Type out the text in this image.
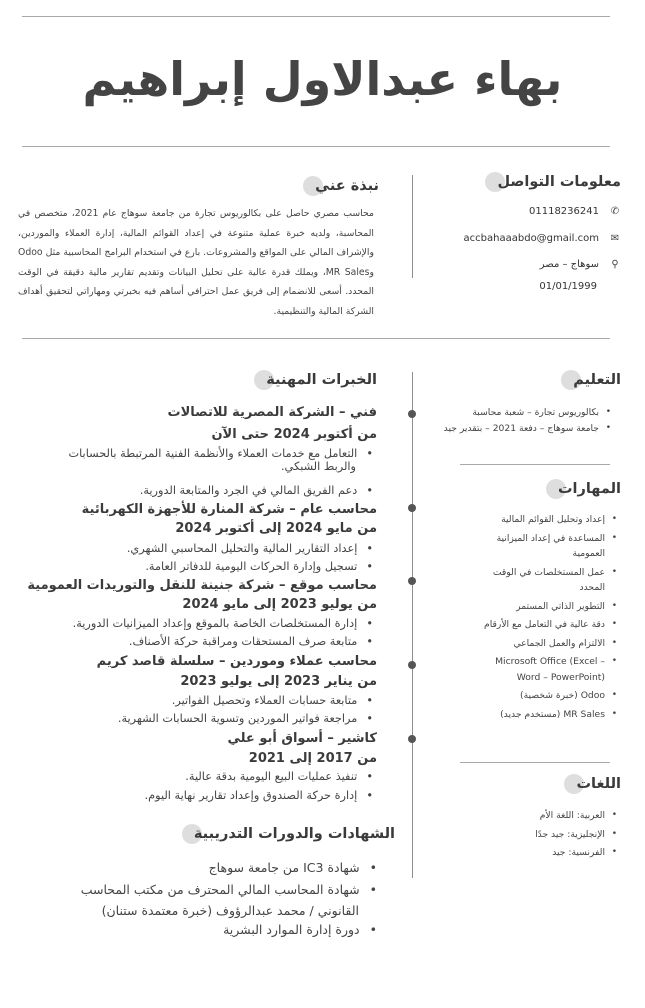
بهاء عبدالاول إبراهيم
معلومات التواصل
✆
01118236241
✉
accbahaaabdo@gmail.com
⚲
سوهاج – مصر
01/01/1999
نبذة عني
محاسب مصري حاصل على بكالوريوس تجارة من جامعة سوهاج عام 2021، متخصص في المحاسبة، ولديه خبرة عملية متنوعة في إعداد القوائم المالية، إدارة العملاء والموردين، والإشراف المالي على المواقع والمشروعات. بارع في استخدام البرامج المحاسبية مثل Odoo وMR Sales، ويملك قدرة عالية على تحليل البيانات وتقديم تقارير مالية دقيقة في الوقت المحدد. أسعى للانضمام إلى فريق عمل احترافي أساهم فيه بخبرتي ومهاراتي لتحقيق أهداف الشركة المالية والتنظيمية.
التعليم
• بكالوريوس تجارة – شعبة محاسبة
• جامعة سوهاج – دفعة 2021 – بتقدير جيد
المهارات
• إعداد وتحليل القوائم المالية
• المساعدة في إعداد الميزانية العمومية
• عمل المستخلصات في الوقت المحدد
• التطوير الذاتي المستمر
• دقة عالية في التعامل مع الأرقام
• الالتزام والعمل الجماعي
• Microsoft Office (Excel – Word – PowerPoint)
• Odoo (خبرة شخصية)
• MR Sales (مستخدم جديد)
اللغات
• العربية: اللغة الأم
• الإنجليزية: جيد جدًا
• الفرنسية: جيد
الخبرات المهنية
فني – الشركة المصرية للاتصالات
من أكتوبر 2024 حتى الآن
• التعامل مع خدمات العملاء والأنظمة الفنية المرتبطة بالحسابات
والربط الشبكي.
• دعم الفريق المالي في الجرد والمتابعة الدورية.
محاسب عام – شركة المنارة للأجهزة الكهربائية
من مايو 2024 إلى أكتوبر 2024
• إعداد التقارير المالية والتحليل المحاسبي الشهري.
• تسجيل وإدارة الحركات اليومية للدفاتر العامة.
محاسب موقع – شركة جنينة للنقل والتوريدات العمومية
من يوليو 2023 إلى مايو 2024
• إدارة المستخلصات الخاصة بالموقع وإعداد الميزانيات الدورية.
• متابعة صرف المستحقات ومراقبة حركة الأصناف.
محاسب عملاء وموردين – سلسلة قاصد كريم
من يناير 2023 إلى يوليو 2023
• متابعة حسابات العملاء وتحصيل الفواتير.
• مراجعة فواتير الموردين وتسوية الحسابات الشهرية.
كاشير – أسواق أبو علي
من 2017 إلى 2021
• تنفيذ عمليات البيع اليومية بدقة عالية.
• إدارة حركة الصندوق وإعداد تقارير نهاية اليوم.
الشهادات والدورات التدريبية
• شهادة IC3 من جامعة سوهاج
• شهادة المحاسب المالي المحترف من مكتب المحاسب
القانوني / محمد عبدالرؤوف (خبرة معتمدة ستنان)
• دورة إدارة الموارد البشرية
